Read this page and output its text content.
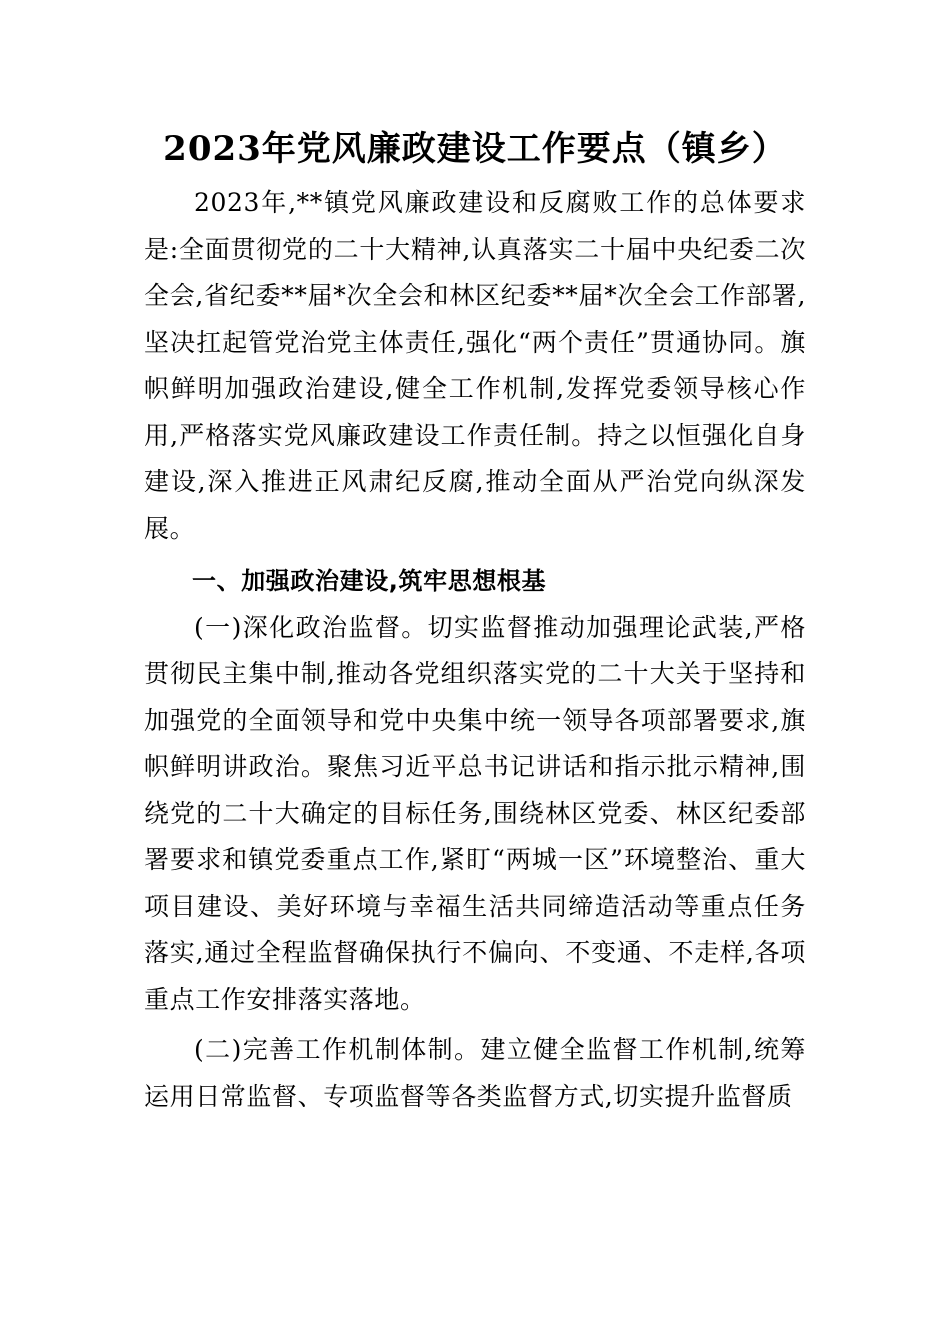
2023年党风廉政建设工作要点（镇乡）

2023年,**镇党风廉政建设和反腐败工作的总体要求是:全面贯彻党的二十大精神,认真落实二十届中央纪委二次全会,省纪委**届*次全会和林区纪委**届*次全会工作部署,坚决扛起管党治党主体责任,强化“两个责任”贯通协同。旗帜鲜明加强政治建设,健全工作机制,发挥党委领导核心作用,严格落实党风廉政建设工作责任制。持之以恒强化自身建设,深入推进正风肃纪反腐,推动全面从严治党向纵深发展。

一、加强政治建设,筑牢思想根基

(一)深化政治监督。切实监督推动加强理论武装,严格贯彻民主集中制,推动各党组织落实党的二十大关于坚持和加强党的全面领导和党中央集中统一领导各项部署要求,旗帜鲜明讲政治。聚焦习近平总书记讲话和指示批示精神,围绕党的二十大确定的目标任务,围绕林区党委、林区纪委部署要求和镇党委重点工作,紧盯“两城一区”环境整治、重大项目建设、美好环境与幸福生活共同缔造活动等重点任务落实,通过全程监督确保执行不偏向、不变通、不走样,各项重点工作安排落实落地。

(二)完善工作机制体制。建立健全监督工作机制,统筹运用日常监督、专项监督等各类监督方式,切实提升监督质
